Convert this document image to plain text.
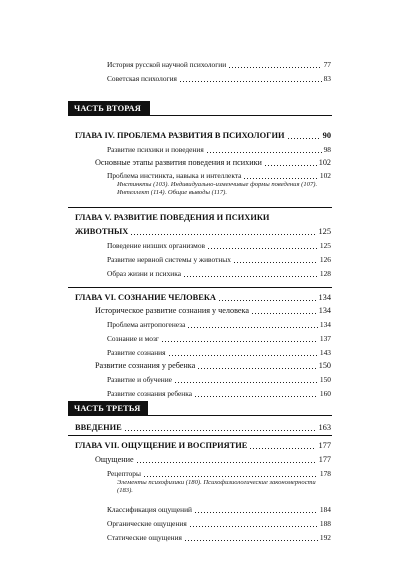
История русской научной психологии	77
Советская психология	83
ЧАСТЬ ВТОРАЯ
ГЛАВА IV. ПРОБЛЕМА РАЗВИТИЯ В ПСИХОЛОГИИ	90
Развитие психики и поведения	98
Основные этапы развития поведения и психики	102
Проблема инстинкта, навыка и интеллекта	102
Инстинкты (103). Индивидуально-изменчивые формы поведения (107). Интеллект (114). Общие выводы (117).
ГЛАВА V. РАЗВИТИЕ ПОВЕДЕНИЯ И ПСИХИКИ
ЖИВОТНЫХ	125
Поведение низших организмов	125
Развитие нервной системы у животных	126
Образ жизни и психика	128
ГЛАВА VI. СОЗНАНИЕ ЧЕЛОВЕКА	134
Историческое развитие сознания у человека	134
Проблема антропогенеза	134
Сознание и мозг	137
Развитие сознания	143
Развитие сознания у ребенка	150
Развитие и обучение	150
Развитие сознания ребенка	160
ЧАСТЬ ТРЕТЬЯ
ВВЕДЕНИЕ	163
ГЛАВА VII. ОЩУЩЕНИЕ И ВОСПРИЯТИЕ	177
Ощущение	177
Рецепторы	178
Элементы психофизики (180). Психофизиологические закономерности (183).
Классификация ощущений	184
Органические ощущения	188
Статические ощущения	192
